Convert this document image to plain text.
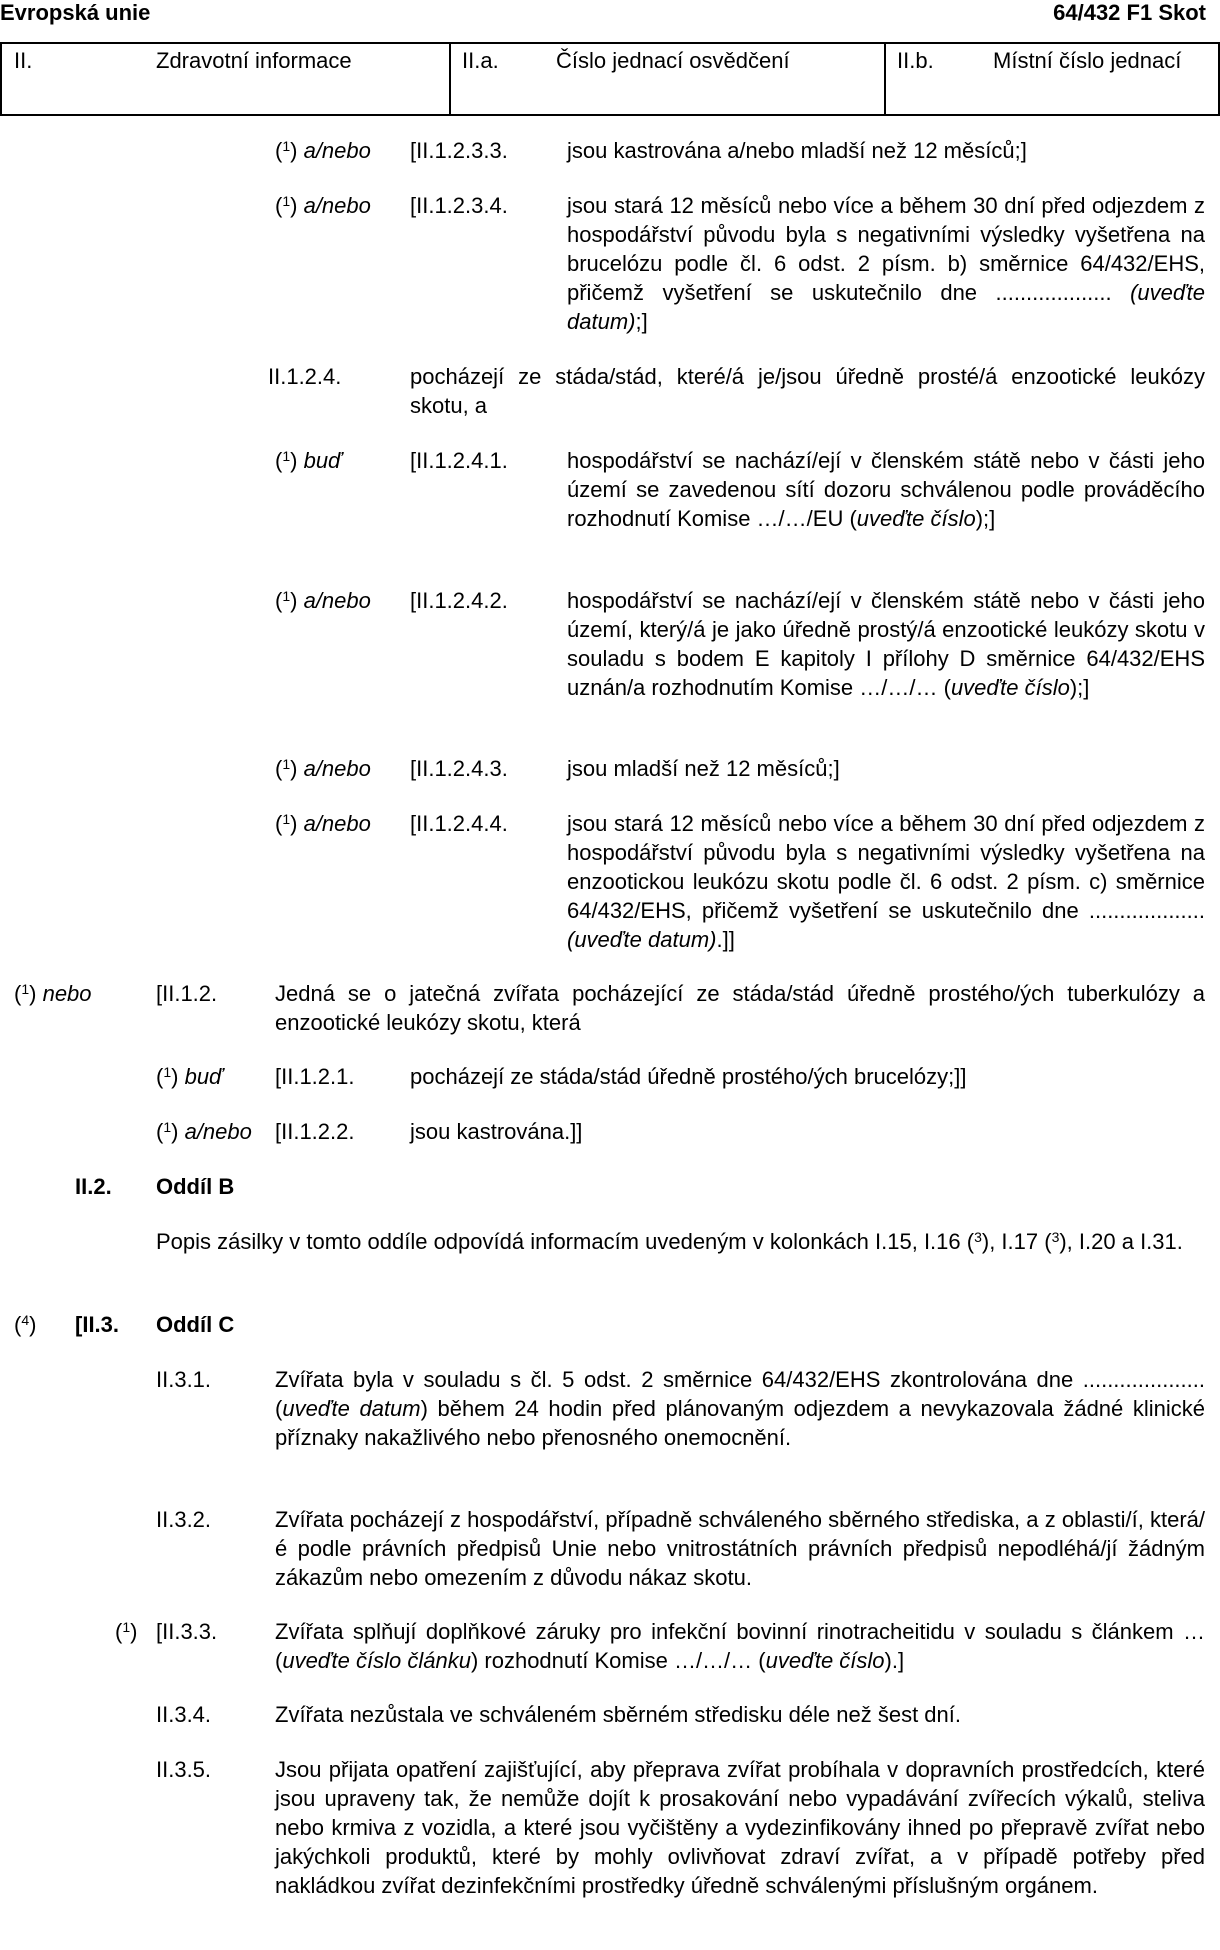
Evropská unie	64/432 F1 Skot
II.	Zdravotní informace	II.a.	Číslo jednací osvědčení	II.b.	Místní číslo jednací
($^1$) a/nebo [II.1.2.3.3.	jsou kastrována a/nebo mladší než 12 měsíců;]
($^1$) a/nebo [II.1.2.3.4.	jsou stará 12 měsíců nebo více a během 30 dní před odjezdem z hospodářství původu byla s negativními výsledky vyšetřena na brucelózu podle čl. 6 odst. 2 písm. b) směrnice 64/432/EHS, přičemž vyšetření se uskutečnilo dne ................... (uveďte datum);]
II.1.2.4.	pocházejí ze stáda/stád, které/á je/jsou úředně prosté/á enzootické leukózy skotu, a
($^1$) buď	[II.1.2.4.1.	hospodářství se nachází/ejí v členském státě nebo v části jeho území se zavedenou sítí dozoru schválenou podle prováděcího rozhodnutí Komise …/…/EU (uveďte číslo);]
($^1$) a/nebo [II.1.2.4.2.	hospodářství se nachází/ejí v členském státě nebo v části jeho území, který/á je jako úředně prostý/á enzootické leukózy skotu v souladu s bodem E kapitoly I přílohy D směrnice 64/432/EHS uznán/a rozhodnutím Komise …/…/… (uveďte číslo);]
($^1$) a/nebo [II.1.2.4.3.	jsou mladší než 12 měsíců;]
($^1$) a/nebo [II.1.2.4.4.	jsou stará 12 měsíců nebo více a během 30 dní před odjezdem z hospodářství původu byla s negativními výsledky vyšetřena na enzootickou leukózu skotu podle čl. 6 odst. 2 písm. c) směrnice 64/432/EHS, přičemž vyšetření se uskutečnilo dne ................... (uveďte datum).]]
($^1$) nebo	[II.1.2.	Jedná se o jatečná zvířata pocházející ze stáda/stád úředně prostého/ých tuberkulózy a enzootické leukózy skotu, která
($^1$) buď [II.1.2.1.	pocházejí ze stáda/stád úředně prostého/ých brucelózy;]]
($^1$) a/nebo [II.1.2.2.	jsou kastrována.]]
II.2. Oddíl B
Popis zásilky v tomto oddíle odpovídá informacím uvedeným v kolonkách I.15, I.16 ($^3$), I.17 ($^3$), I.20 a I.31.
($^4$) [II.3. Oddíl C
II.3.1.	Zvířata byla v souladu s čl. 5 odst. 2 směrnice 64/432/EHS zkontrolována dne .................... (uveďte datum) během 24 hodin před plánovaným odjezdem a nevykazovala žádné klinické příznaky nakažlivého nebo přenosného onemocnění.
II.3.2.	Zvířata pocházejí z hospodářství, případně schváleného sběrného střediska, a z oblasti/í, která/é podle právních předpisů Unie nebo vnitrostátních právních předpisů nepodléhá/jí žádným zákazům nebo omezením z důvodu nákaz skotu.
($^1$) [II.3.3.	Zvířata splňují doplňkové záruky pro infekční bovinní rinotracheitidu v souladu s článkem … (uveďte číslo článku) rozhodnutí Komise …/…/… (uveďte číslo).]
II.3.4.	Zvířata nezůstala ve schváleném sběrném středisku déle než šest dní.
II.3.5.	Jsou přijata opatření zajišťující, aby přeprava zvířat probíhala v dopravních prostředcích, které jsou upraveny tak, že nemůže dojít k prosakování nebo vypadávání zvířecích výkalů, steliva nebo krmiva z vozidla, a které jsou vyčištěny a vydezinfikovány ihned po přepravě zvířat nebo jakýchkoli produktů, které by mohly ovlivňovat zdraví zvířat, a v případě potřeby před nakládkou zvířat dezinfekčními prostředky úředně schválenými příslušným orgánem.
